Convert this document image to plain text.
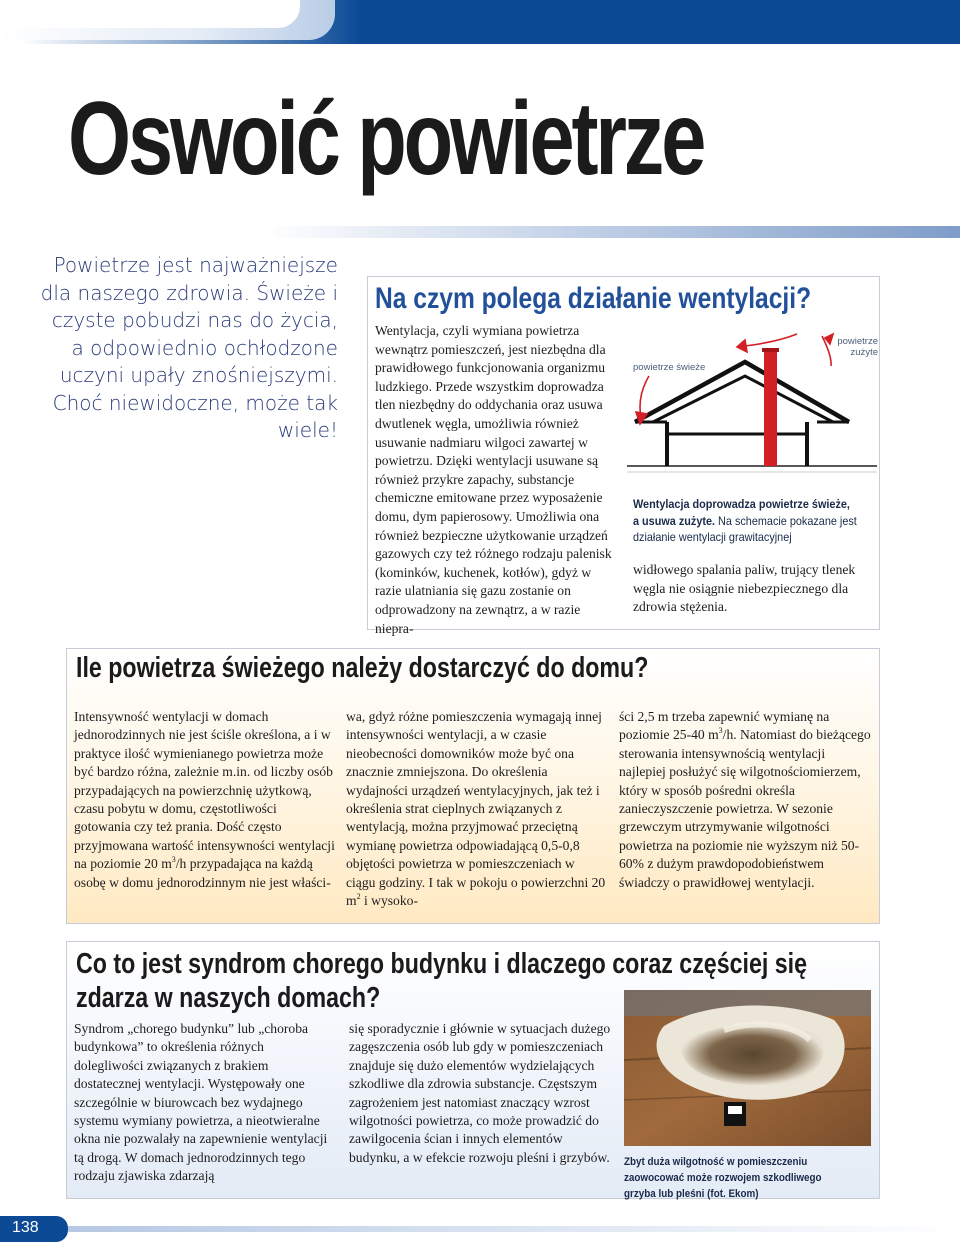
Oswoić powietrze

Powietrze jest najważniejsze dla naszego zdrowia. Świeże i czyste pobudzi nas do życia, a odpowiednio ochłodzone uczyni upały znośniejszymi. Choć niewidoczne, może tak wiele!

Na czym polega działanie wentylacji?

Wentylacja, czyli wymiana powietrza wewnątrz pomieszczeń, jest niezbędna dla prawidłowego funkcjonowania organizmu ludzkiego. Przede wszystkim doprowadza tlen niezbędny do oddychania oraz usuwa dwutlenek węgla, umożliwia również usuwanie nadmiaru wilgoci zawartej w powietrzu. Dzięki wentylacji usuwane są również przykre zapachy, substancje chemiczne emitowane przez wyposażenie domu, dym papierosowy. Umożliwia ona również bezpieczne użytkowanie urządzeń gazowych czy też różnego rodzaju palenisk (kominków, kuchenek, kotłów), gdyż w razie ulatniania się gazu zostanie on odprowadzony na zewnątrz, a w razie niepra-

powietrze świeże
powietrze zużyte

Wentylacja doprowadza powietrze świeże, a usuwa zużyte. Na schemacie pokazane jest działanie wentylacji grawitacyjnej

widłowego spalania paliw, trujący tlenek węgla nie osiągnie niebezpiecznego dla zdrowia stężenia.

Ile powietrza świeżego należy dostarczyć do domu?

Intensywność wentylacji w domach jednorodzinnych nie jest ściśle określona, a i w praktyce ilość wymienianego powietrza może być bardzo różna, zależnie m.in. od liczby osób przypadających na powierzchnię użytkową, czasu pobytu w domu, częstotliwości gotowania czy też prania. Dość często przyjmowana wartość intensywności wentylacji na poziomie 20 $m^3/h$ przypadająca na każdą osobę w domu jednorodzinnym nie jest właści-

wa, gdyż różne pomieszczenia wymagają innej intensywności wentylacji, a w czasie nieobecności domowników może być ona znacznie zmniejszona. Do określenia wydajności urządzeń wentylacyjnych, jak też i określenia strat cieplnych związanych z wentylacją, można przyjmować przeciętną wymianę powietrza odpowiadającą 0,5-0,8 objętości powietrza w pomieszczeniach w ciągu godziny. I tak w pokoju o powierzchni 20 $m^2$ i wysoko-

ści 2,5 m trzeba zapewnić wymianę na poziomie 25-40 $m^3/h$. Natomiast do bieżącego sterowania intensywnością wentylacji najlepiej posłużyć się wilgotnościomierzem, który w sposób pośredni określa zanieczyszczenie powietrza. W sezonie grzewczym utrzymywanie wilgotności powietrza na poziomie nie wyższym niż 50-60% z dużym prawdopodobieństwem świadczy o prawidłowej wentylacji.

Co to jest syndrom chorego budynku i dlaczego coraz częściej się zdarza w naszych domach?

Syndrom „chorego budynku” lub „choroba budynkowa” to określenia różnych dolegliwości związanych z brakiem dostatecznej wentylacji. Występowały one szczególnie w biurowcach bez wydajnego systemu wymiany powietrza, a nieotwieralne okna nie pozwalały na zapewnienie wentylacji tą drogą. W domach jednorodzinnych tego rodzaju zjawiska zdarzają

się sporadycznie i głównie w sytuacjach dużego zagęszczenia osób lub gdy w pomieszczeniach znajduje się dużo elementów wydzielających szkodliwe dla zdrowia substancje. Częstszym zagrożeniem jest natomiast znaczący wzrost wilgotności powietrza, co może prowadzić do zawilgocenia ścian i innych elementów budynku, a w efekcie rozwoju pleśni i grzybów. Zbyt duża wilgotność w pomieszczeniu zaowocować może rozwojem szkodliwego grzyba lub pleśni (fot. Ekom)

138
